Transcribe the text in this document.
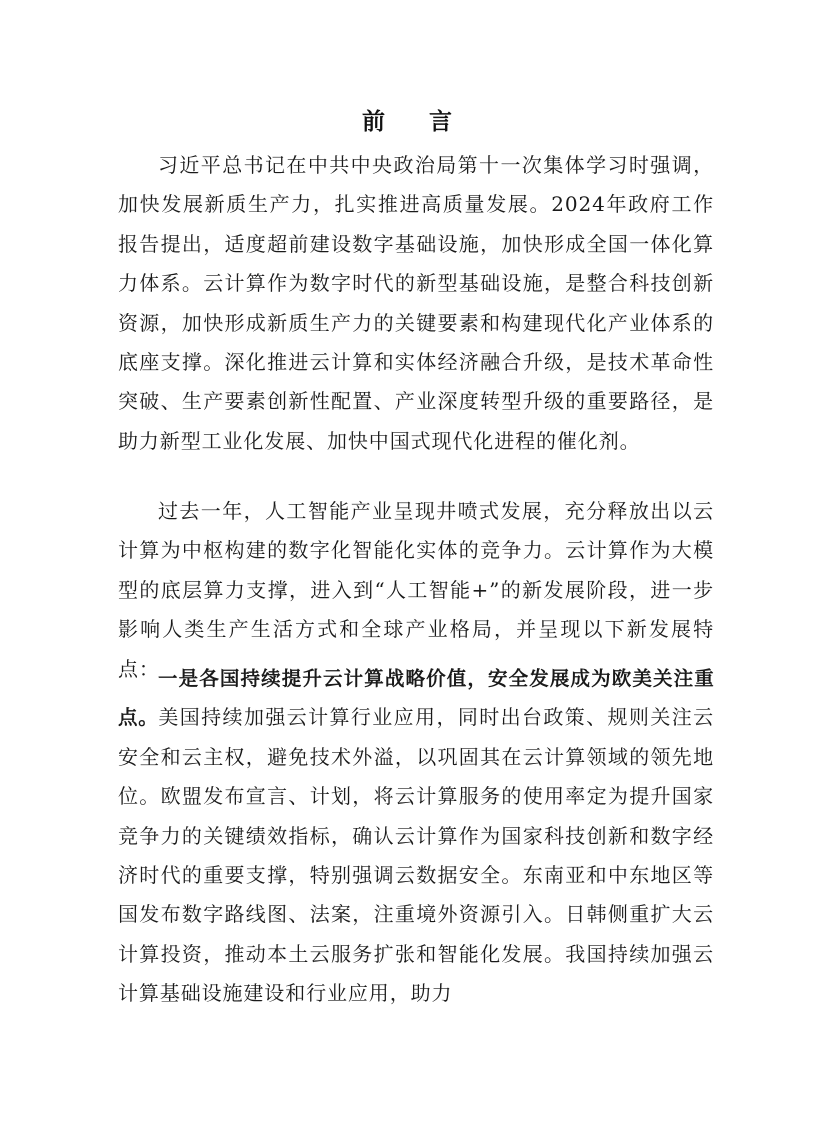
前 言

习近平总书记在中共中央政治局第十一次集体学习时强调，加快发展新质生产力，扎实推进高质量发展。2024年政府工作报告提出，适度超前建设数字基础设施，加快形成全国一体化算力体系。云计算作为数字时代的新型基础设施，是整合科技创新资源，加快形成新质生产力的关键要素和构建现代化产业体系的底座支撑。深化推进云计算和实体经济融合升级，是技术革命性突破、生产要素创新性配置、产业深度转型升级的重要路径，是助力新型工业化发展、加快中国式现代化进程的催化剂。

过去一年，人工智能产业呈现井喷式发展，充分释放出以云计算为中枢构建的数字化智能化实体的竞争力。云计算作为大模型的底层算力支撑，进入到“人工智能+”的新发展阶段，进一步影响人类生产生活方式和全球产业格局，并呈现以下新发展特点：

一是各国持续提升云计算战略价值，安全发展成为欧美关注重点。美国持续加强云计算行业应用，同时出台政策、规则关注云安全和云主权，避免技术外溢，以巩固其在云计算领域的领先地位。欧盟发布宣言、计划，将云计算服务的使用率定为提升国家竞争力的关键绩效指标，确认云计算作为国家科技创新和数字经济时代的重要支撑，特别强调云数据安全。东南亚和中东地区等国发布数字路线图、法案，注重境外资源引入。日韩侧重扩大云计算投资，推动本土云服务扩张和智能化发展。我国持续加强云计算基础设施建设和行业应用，助力
